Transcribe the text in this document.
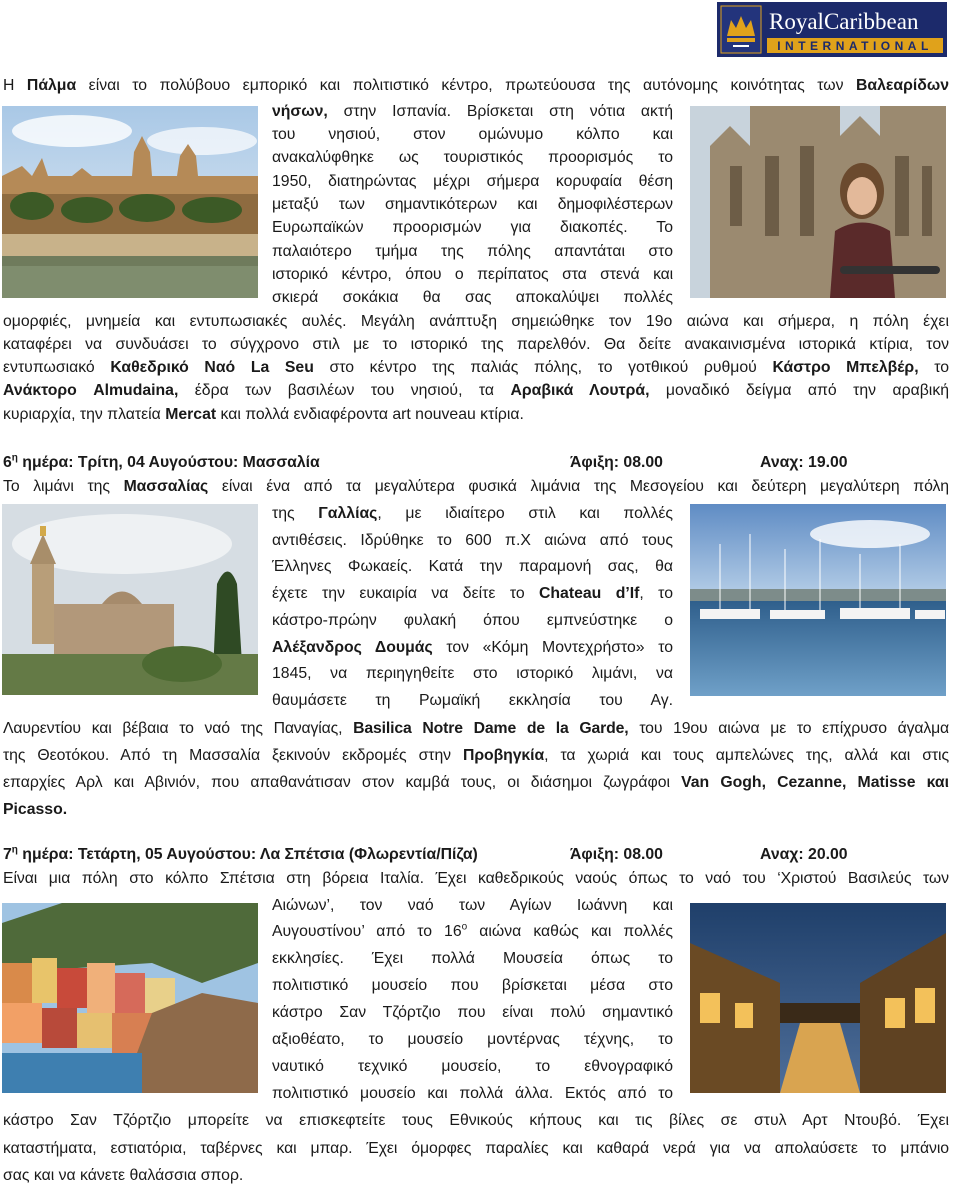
RoyalCaribbean
INTERNATIONAL
Η Πάλμα είναι το πολύβουο εμπορικό και πολιτιστικό κέντρο, πρωτεύουσα της αυτόνομης κοινότητας των Βαλεαρίδων
νήσων, στην Ισπανία. Βρίσκεται στη νότια ακτή
του νησιού, στον ομώνυμο κόλπο και
ανακαλύφθηκε ως τουριστικός προορισμός το
1950, διατηρώντας μέχρι σήμερα κορυφαία θέση
μεταξύ των σημαντικότερων και δημοφιλέστερων
Ευρωπαϊκών προορισμών για διακοπές. Το
παλαιότερο τμήμα της πόλης απαντάται στο
ιστορικό κέντρο, όπου ο περίπατος στα στενά και
σκιερά σοκάκια θα σας αποκαλύψει πολλές
ομορφιές, μνημεία και εντυπωσιακές αυλές. Μεγάλη ανάπτυξη σημειώθηκε τον 19ο αιώνα και σήμερα, η πόλη έχει
καταφέρει να συνδυάσει το σύγχρονο στιλ με το ιστορικό της παρελθόν. Θα δείτε ανακαινισμένα ιστορικά κτίρια, τον
εντυπωσιακό Καθεδρικό Ναό La Seu στο κέντρο της παλιάς πόλης, το γοτθικού ρυθμού Κάστρο Μπελβέρ, το
Ανάκτορο Almudaina, έδρα των βασιλέων του νησιού, τα Αραβικά Λουτρά, μοναδικό δείγμα από την αραβική
κυριαρχία, την πλατεία Mercat και πολλά ενδιαφέροντα art nouveau κτίρια.
$6^\eta$ ημέρα: Τρίτη, 04 Αυγούστου: Μασσαλία	Άφιξη: 08.00	Αναχ: 19.00
Το λιμάνι της Μασσαλίας είναι ένα από τα μεγαλύτερα φυσικά λιμάνια της Μεσογείου και δεύτερη μεγαλύτερη πόλη
της Γαλλίας, με ιδιαίτερο στιλ και πολλές
αντιθέσεις. Ιδρύθηκε το 600 π.Χ αιώνα από τους
Έλληνες Φωκαείς. Κατά την παραμονή σας, θα
έχετε την ευκαιρία να δείτε το Chateau d’If, το
κάστρο-πρώην φυλακή όπου εμπνεύστηκε ο
Αλέξανδρος Δουμάς τον «Κόμη Μοντεχρήστο» το
1845, να περιηγηθείτε στο ιστορικό λιμάνι, να
θαυμάσετε τη Ρωμαϊκή εκκλησία του Αγ.
Λαυρεντίου και βέβαια το ναό της Παναγίας, Basilica Notre Dame de la Garde, του 19ου αιώνα με το επίχρυσο άγαλμα
της Θεοτόκου. Από τη Μασσαλία ξεκινούν εκδρομές στην Προβηγκία, τα χωριά και τους αμπελώνες της, αλλά και στις
επαρχίες Αρλ και Αβινιόν, που απαθανάτισαν στον καμβά τους, οι διάσημοι ζωγράφοι Van Gogh, Cezanne, Matisse και
Picasso.
$7^\eta$ ημέρα: Τετάρτη, 05 Αυγούστου: Λα Σπέτσια (Φλωρεντία/Πίζα)	Άφιξη: 08.00	Αναχ: 20.00
Είναι μια πόλη στο κόλπο Σπέτσια στη βόρεια Ιταλία. Έχει καθεδρικούς ναούς όπως το ναό του ‘Χριστού Βασιλεύς των
Αιώνων’, τον ναό των Αγίων Ιωάννη και
Αυγουστίνου’ από το $16^o$ αιώνα καθώς και πολλές
εκκλησίες. Έχει πολλά Μουσεία όπως το
πολιτιστικό μουσείο που βρίσκεται μέσα στο
κάστρο Σαν Τζόρτζιο που είναι πολύ σημαντικό
αξιοθέατο, το μουσείο μοντέρνας τέχνης, το
ναυτικό τεχνικό μουσείο, το εθνογραφικό
πολιτιστικό μουσείο και πολλά άλλα. Εκτός από το
κάστρο Σαν Τζόρτζιο μπορείτε να επισκεφτείτε τους Εθνικούς κήπους και τις βίλες σε στυλ Αρτ Ντουβό. Έχει
καταστήματα, εστιατόρια, ταβέρνες και μπαρ. Έχει όμορφες παραλίες και καθαρά νερά για να απολαύσετε το μπάνιο
σας και να κάνετε θαλάσσια σπορ.
